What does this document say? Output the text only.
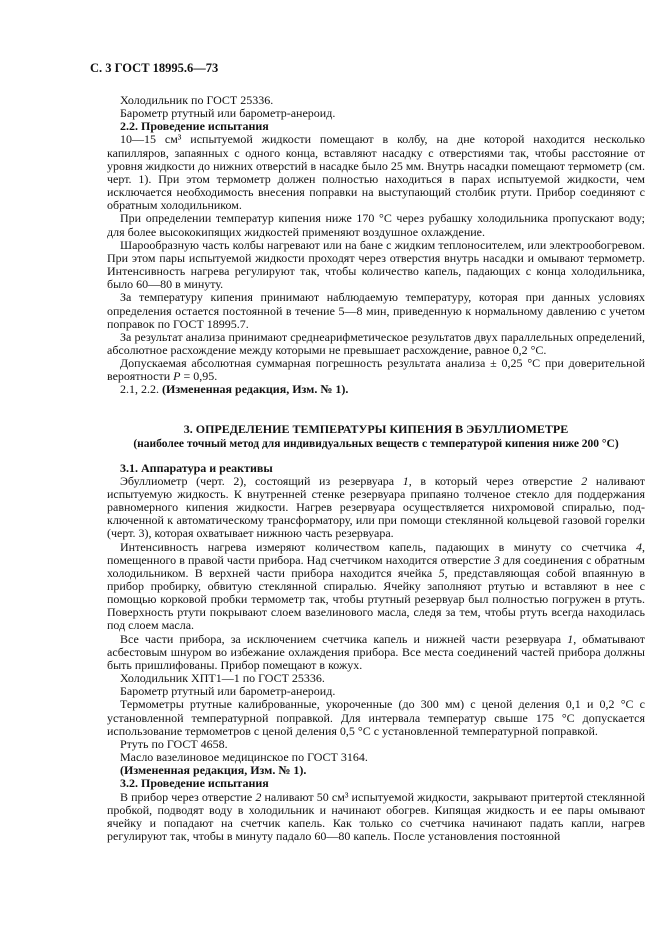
С. 3 ГОСТ 18995.6—73

Холодильник по ГОСТ 25336.

Барометр ртутный или барометр-анероид.

2.2. Проведение испытания

10—15 см³ испытуемой жидкости помещают в колбу, на дне которой находится несколько капилляров, запаянных с одного конца, вставляют насадку с отверстиями так, чтобы расстояние от уровня жидкости до нижних отверстий в насадке было 25 мм. Внутрь насадки помещают термометр (см. черт. 1). При этом термометр должен полностью находиться в парах испытуемой жидкости, чем исключается необходимость внесения поправки на выступающий столбик ртути. Прибор соединяют с обратным холодильником.

При определении температур кипения ниже 170 °С через рубашку холодильника пропускают воду; для более высококипящих жидкостей применяют воздушное охлаждение.

Шарообразную часть колбы нагревают или на бане с жидким теплоносителем, или электрообогревом. При этом пары испытуемой жидкости проходят через отверстия внутрь насадки и омывают термометр. Интенсивность нагрева регулируют так, чтобы количество капель, падающих с конца холодильника, было 60—80 в минуту.

За температуру кипения принимают наблюдаемую температуру, которая при данных условиях определения остается постоянной в течение 5—8 мин, приведенную к нормальному давлению с учетом поправок по ГОСТ 18995.7.

За результат анализа принимают среднеарифметическое результатов двух параллельных определений, абсолютное расхождение между которыми не превышает расхождение, равное 0,2 °С.

Допускаемая абсолютная суммарная погрешность результата анализа ± 0,25 °С при доверительной вероятности P = 0,95.

2.1, 2.2. (Измененная редакция, Изм. № 1).

3. ОПРЕДЕЛЕНИЕ ТЕМПЕРАТУРЫ КИПЕНИЯ В ЭБУЛЛИОМЕТРЕ
(наиболее точный метод для индивидуальных веществ с температурой кипения ниже 200 °С)

3.1. Аппаратура и реактивы

Эбуллиометр (черт. 2), состоящий из резервуара 1, в который через отверстие 2 наливают испытуемую жидкость. К внутренней стенке резервуара припаяно толченое стекло для поддержания равномерного кипения жидкости. Нагрев резервуара осуществляется нихромовой спиралью, подключенной к автоматическому трансформатору, или при помощи стеклянной кольцевой газовой горелки (черт. 3), которая охватывает нижнюю часть резервуара.

Интенсивность нагрева измеряют количеством капель, падающих в минуту со счетчика 4, помещенного в правой части прибора. Над счетчиком находится отверстие 3 для соединения с обратным холодильником. В верхней части прибора находится ячейка 5, представляющая собой впаянную в прибор пробирку, обвитую стеклянной спиралью. Ячейку заполняют ртутью и вставляют в нее с помощью корковой пробки термометр так, чтобы ртутный резервуар был полностью погружен в ртуть. Поверхность ртути покрывают слоем вазелинового масла, следя за тем, чтобы ртуть всегда находилась под слоем масла.

Все части прибора, за исключением счетчика капель и нижней части резервуара 1, обматывают асбестовым шнуром во избежание охлаждения прибора. Все места соединений частей прибора должны быть пришлифованы. Прибор помещают в кожух.

Холодильник ХПТ1—1 по ГОСТ 25336.

Барометр ртутный или барометр-анероид.

Термометры ртутные калиброванные, укороченные (до 300 мм) с ценой деления 0,1 и 0,2 °С с установленной температурной поправкой. Для интервала температур свыше 175 °С допускается использование термометров с ценой деления 0,5 °С с установленной температурной поправкой.

Ртуть по ГОСТ 4658.

Масло вазелиновое медицинское по ГОСТ 3164.

(Измененная редакция, Изм. № 1).

3.2. Проведение испытания

В прибор через отверстие 2 наливают 50 см³ испытуемой жидкости, закрывают притертой стеклянной пробкой, подводят воду в холодильник и начинают обогрев. Кипящая жидкость и ее пары омывают ячейку и попадают на счетчик капель. Как только со счетчика начинают падать капли, нагрев регулируют так, чтобы в минуту падало 60—80 капель. После установления постоянной
